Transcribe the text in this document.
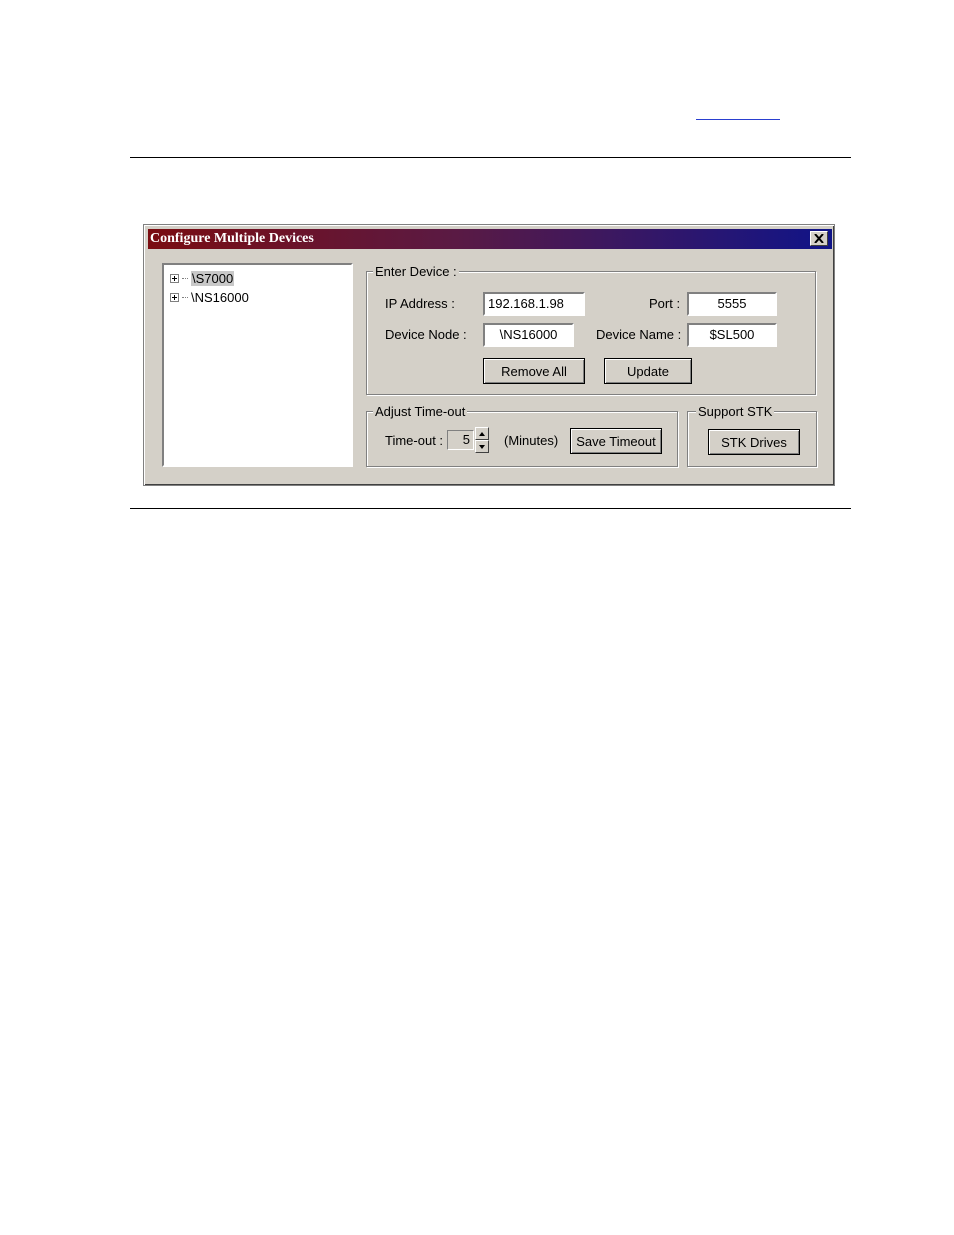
Configure Multiple Devices
\S7000
\NS16000
Enter Device :
IP Address :	192.168.1.98	Port :	5555
Device Node :	\NS16000	Device Name :	$SL500
Remove All	Update
Adjust Time-out
Time-out :	5	(Minutes)	Save Timeout
Support STK
STK Drives
